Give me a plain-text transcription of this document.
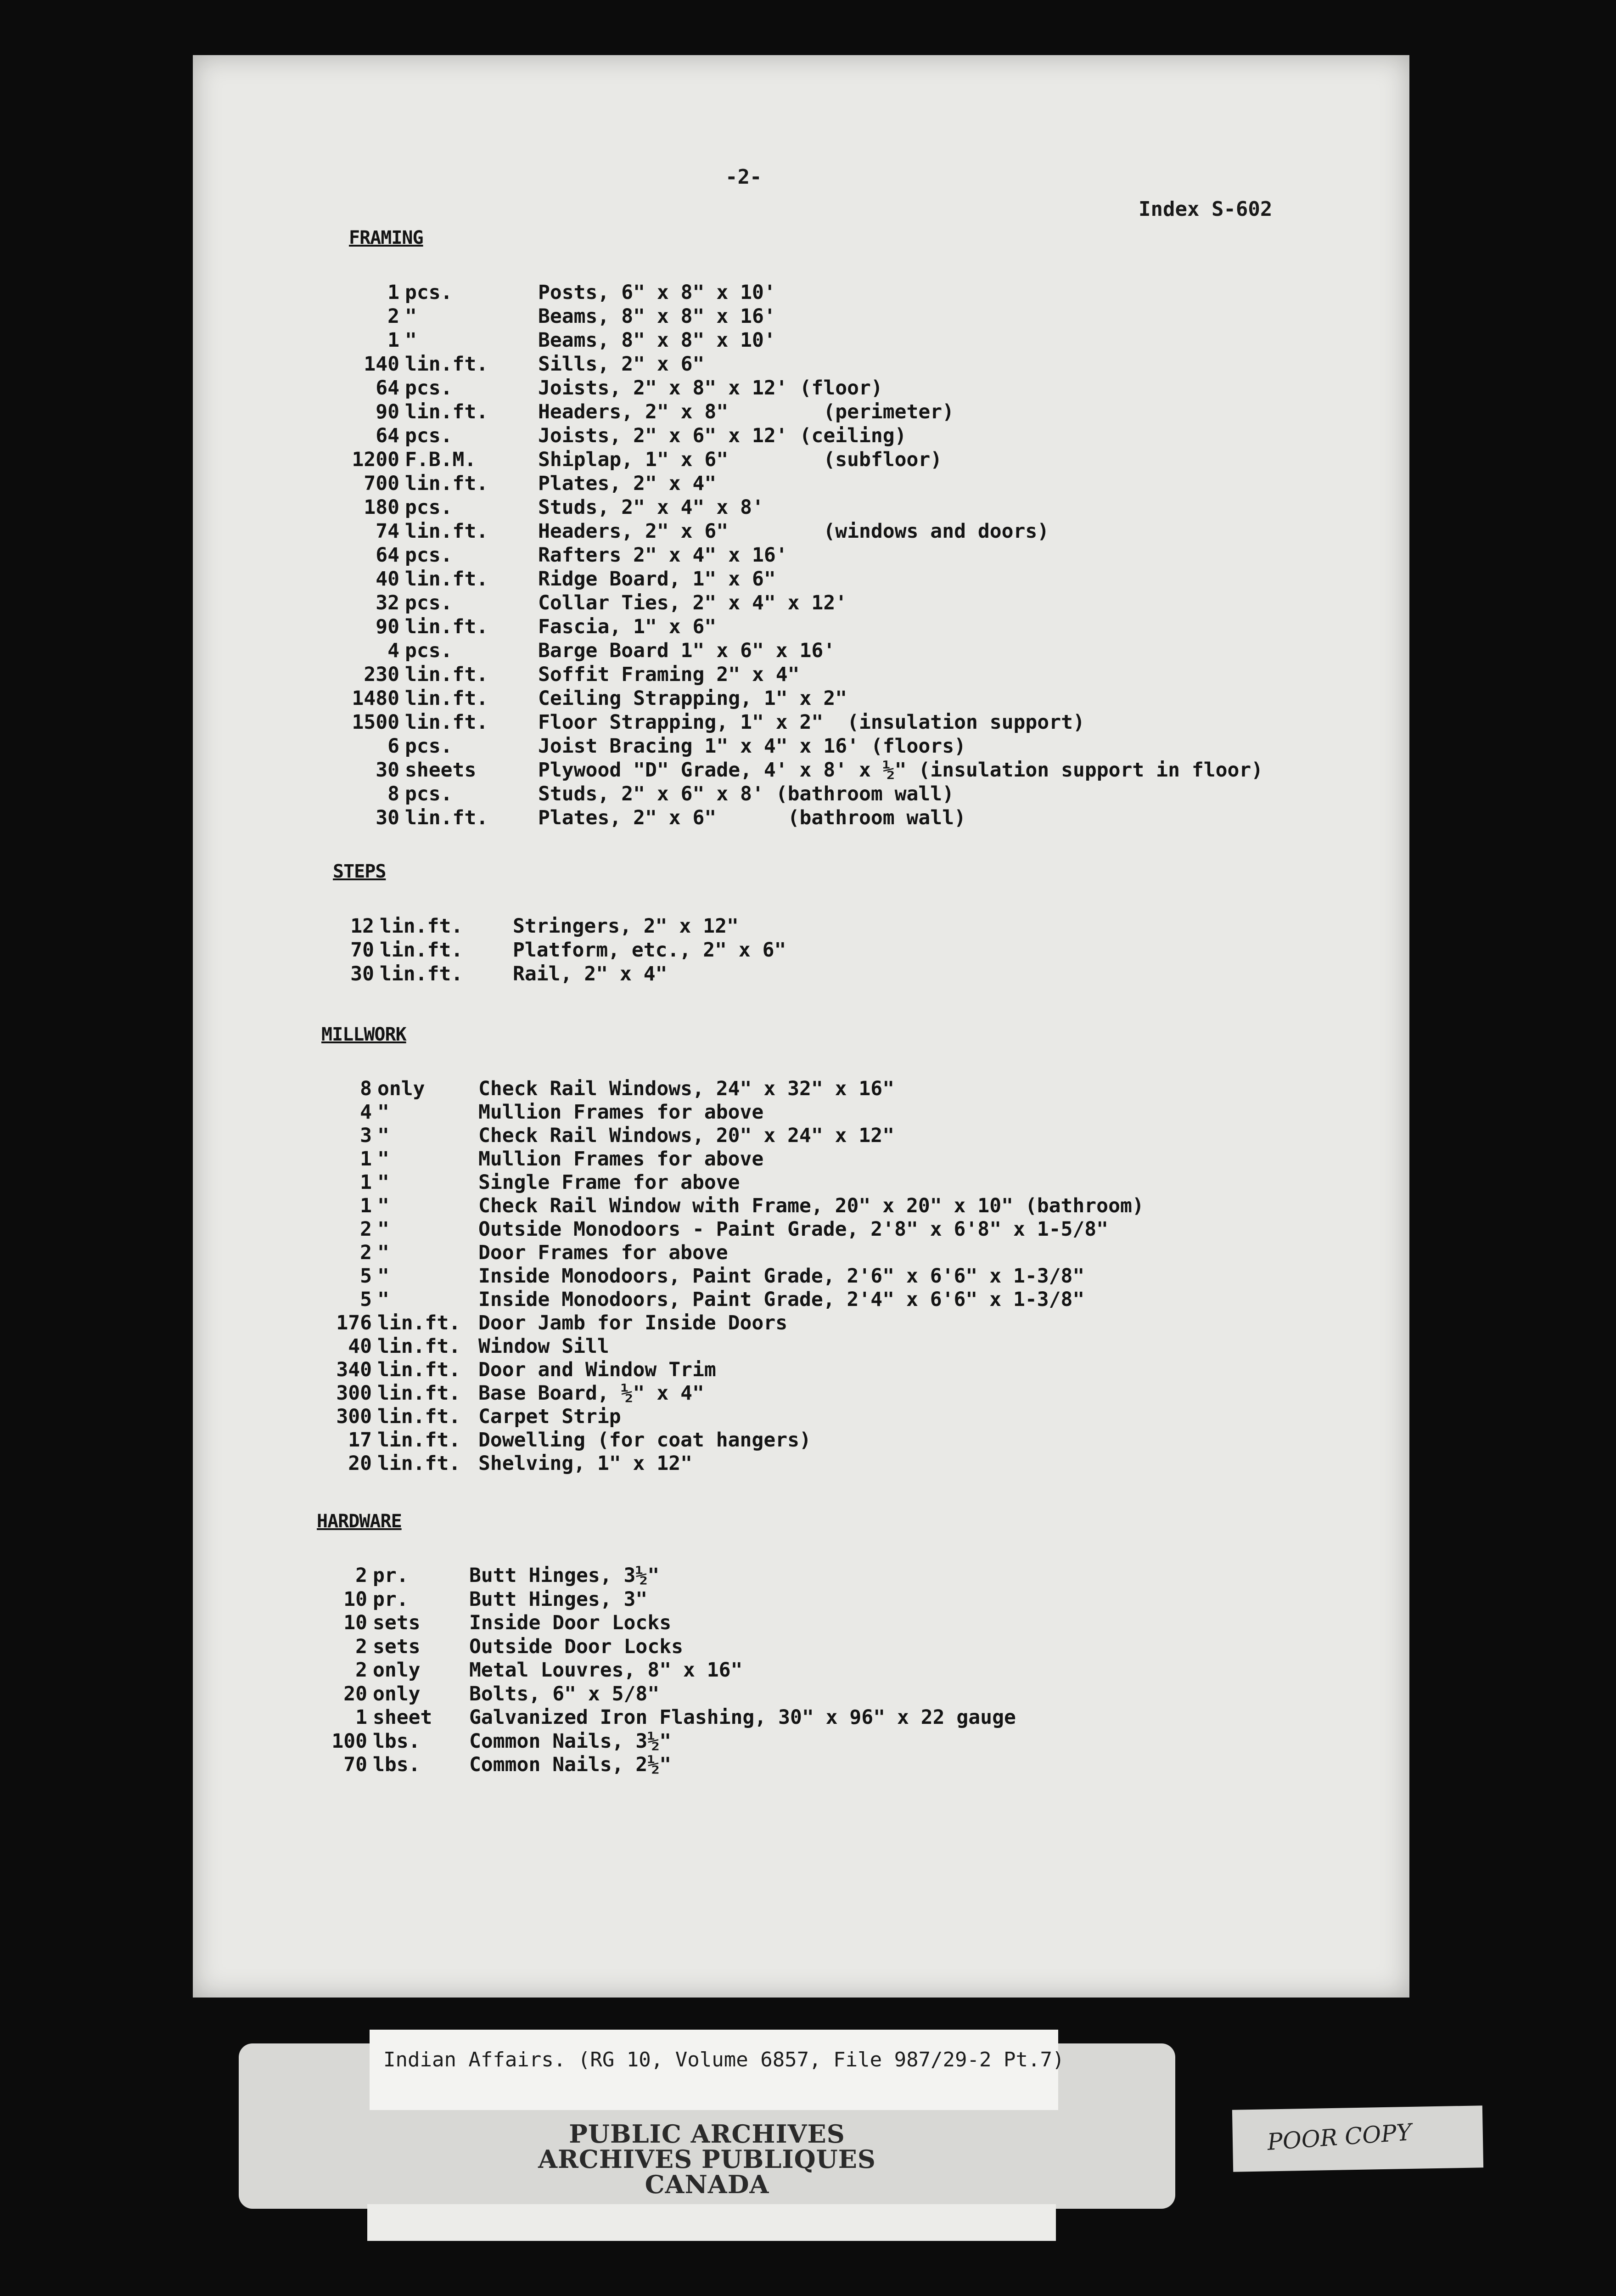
-2-
Index S-602
FRAMING
1 pcs.	Posts, 6" x 8" x 10'
2 "	Beams, 8" x 8" x 16'
1 "	Beams, 8" x 8" x 10'
140 lin.ft.	Sills, 2" x 6"
64 pcs.	Joists, 2" x 8" x 12' (floor)
90 lin.ft.	Headers, 2" x 8"        (perimeter)
64 pcs.	Joists, 2" x 6" x 12' (ceiling)
1200 F.B.M.	Shiplap, 1" x 6"        (subfloor)
700 lin.ft.	Plates, 2" x 4"
180 pcs.	Studs, 2" x 4" x 8'
74 lin.ft.	Headers, 2" x 6"        (windows and doors)
64 pcs.	Rafters 2" x 4" x 16'
40 lin.ft.	Ridge Board, 1" x 6"
32 pcs.	Collar Ties, 2" x 4" x 12'
90 lin.ft.	Fascia, 1" x 6"
4 pcs.	Barge Board 1" x 6" x 16'
230 lin.ft.	Soffit Framing 2" x 4"
1480 lin.ft.	Ceiling Strapping, 1" x 2"
1500 lin.ft.	Floor Strapping, 1" x 2"  (insulation support)
6 pcs.	Joist Bracing 1" x 4" x 16' (floors)
30 sheets	Plywood "D" Grade, 4' x 8' x ½" (insulation support in floor)
8 pcs.	Studs, 2" x 6" x 8' (bathroom wall)
30 lin.ft.	Plates, 2" x 6"      (bathroom wall)
STEPS
12 lin.ft.	Stringers, 2" x 12"
70 lin.ft.	Platform, etc., 2" x 6"
30 lin.ft.	Rail, 2" x 4"
MILLWORK
8 only	Check Rail Windows, 24" x 32" x 16"
4 "	Mullion Frames for above
3 "	Check Rail Windows, 20" x 24" x 12"
1 "	Mullion Frames for above
1 "	Single Frame for above
1 "	Check Rail Window with Frame, 20" x 20" x 10" (bathroom)
2 "	Outside Monodoors - Paint Grade, 2'8" x 6'8" x 1-5/8"
2 "	Door Frames for above
5 "	Inside Monodoors, Paint Grade, 2'6" x 6'6" x 1-3/8"
5 "	Inside Monodoors, Paint Grade, 2'4" x 6'6" x 1-3/8"
176 lin.ft. Door Jamb for Inside Doors
40 lin.ft. Window Sill
340 lin.ft. Door and Window Trim
300 lin.ft. Base Board, ½" x 4"
300 lin.ft. Carpet Strip
17 lin.ft. Dowelling (for coat hangers)
20 lin.ft. Shelving, 1" x 12"
HARDWARE
2 pr.	Butt Hinges, 3½"
10 pr.	Butt Hinges, 3"
10 sets	Inside Door Locks
2 sets	Outside Door Locks
2 only	Metal Louvres, 8" x 16"
20 only	Bolts, 6" x 5/8"
1 sheet	Galvanized Iron Flashing, 30" x 96" x 22 gauge
100 lbs.	Common Nails, 3½"
70 lbs.	Common Nails, 2½"
Indian Affairs. (RG 10, Volume 6857, File 987/29-2 Pt.7)
PUBLIC ARCHIVES
ARCHIVES PUBLIQUES
CANADA
POOR COPY
